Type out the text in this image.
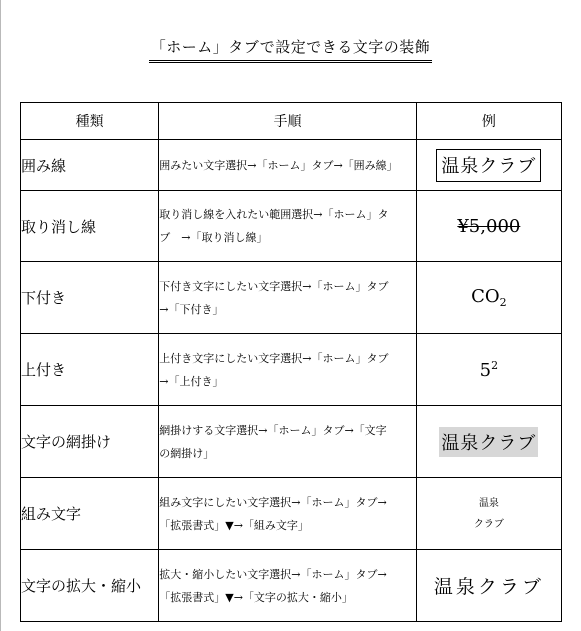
「ホーム」タブで設定できる文字の装飾
種類	手順	例
囲み線	囲みたい文字選択→「ホーム」タブ→「囲み線」	温泉クラブ
取り消し線	取り消し線を入れたい範囲選択→「ホーム」タ
ブ　→「取り消し線」	¥5,000
下付き	下付き文字にしたい文字選択→「ホーム」タブ
→「下付き」	$CO_2$
上付き	上付き文字にしたい文字選択→「ホーム」タブ
→「上付き」	$5^2$
文字の網掛け	網掛けする文字選択→「ホーム」タブ→「文字
の網掛け」	温泉クラブ
組み文字	組み文字にしたい文字選択→「ホーム」タブ→
「拡張書式」▼→「組み文字」	温泉
クラブ
文字の拡大・縮小	拡大・縮小したい文字選択→「ホーム」タブ→
「拡張書式」▼→「文字の拡大・縮小」	温泉クラブ
